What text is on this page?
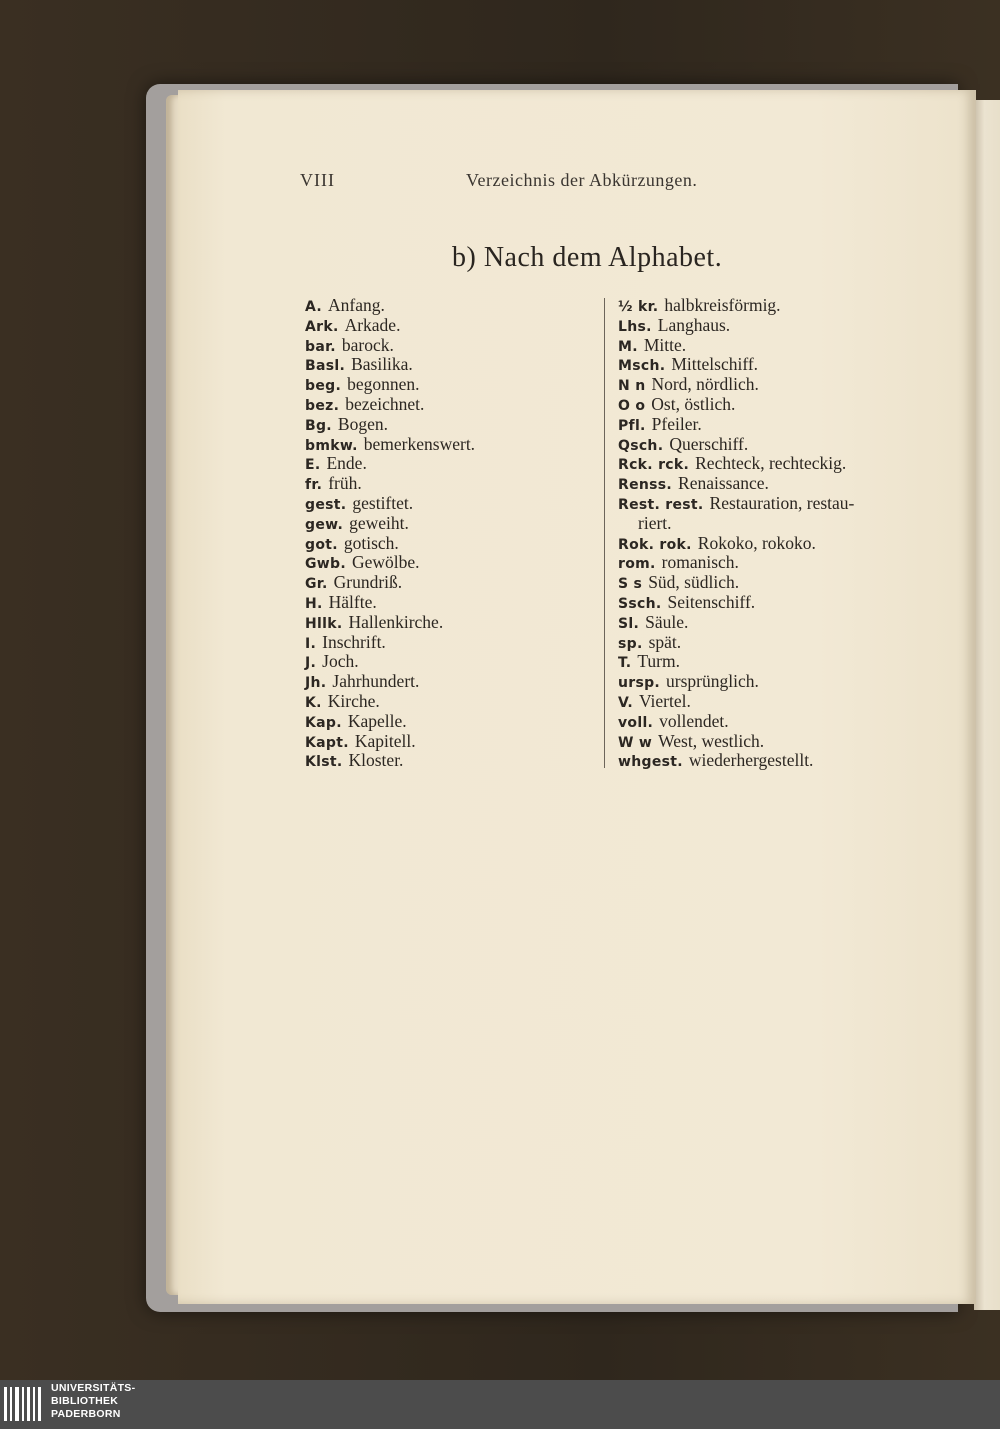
VIII	Verzeichnis der Abkürzungen.
b) Nach dem Alphabet.
A. Anfang.
Ark. Arkade.
bar. barock.
Basl. Basilika.
beg. begonnen.
bez. bezeichnet.
Bg. Bogen.
bmkw. bemerkenswert.
E. Ende.
fr. früh.
gest. gestiftet.
gew. geweiht.
got. gotisch.
Gwb. Gewölbe.
Gr. Grundriß.
H. Hälfte.
Hllk. Hallenkirche.
I. Inschrift.
J. Joch.
Jh. Jahrhundert.
K. Kirche.
Kap. Kapelle.
Kapt. Kapitell.
Klst. Kloster.
½ kr. halbkreisförmig.
Lhs. Langhaus.
M. Mitte.
Msch. Mittelschiff.
N n Nord, nördlich.
O o Ost, östlich.
Pfl. Pfeiler.
Qsch. Querschiff.
Rck. rck. Rechteck, rechteckig.
Renss. Renaissance.
Rest. rest. Restauration, restau-
riert.
Rok. rok. Rokoko, rokoko.
rom. romanisch.
S s Süd, südlich.
Ssch. Seitenschiff.
Sl. Säule.
sp. spät.
T. Turm.
ursp. ursprünglich.
V. Viertel.
voll. vollendet.
W w West, westlich.
whgest. wiederhergestellt.
UNIVERSITÄTS-
BIBLIOTHEK
PADERBORN
